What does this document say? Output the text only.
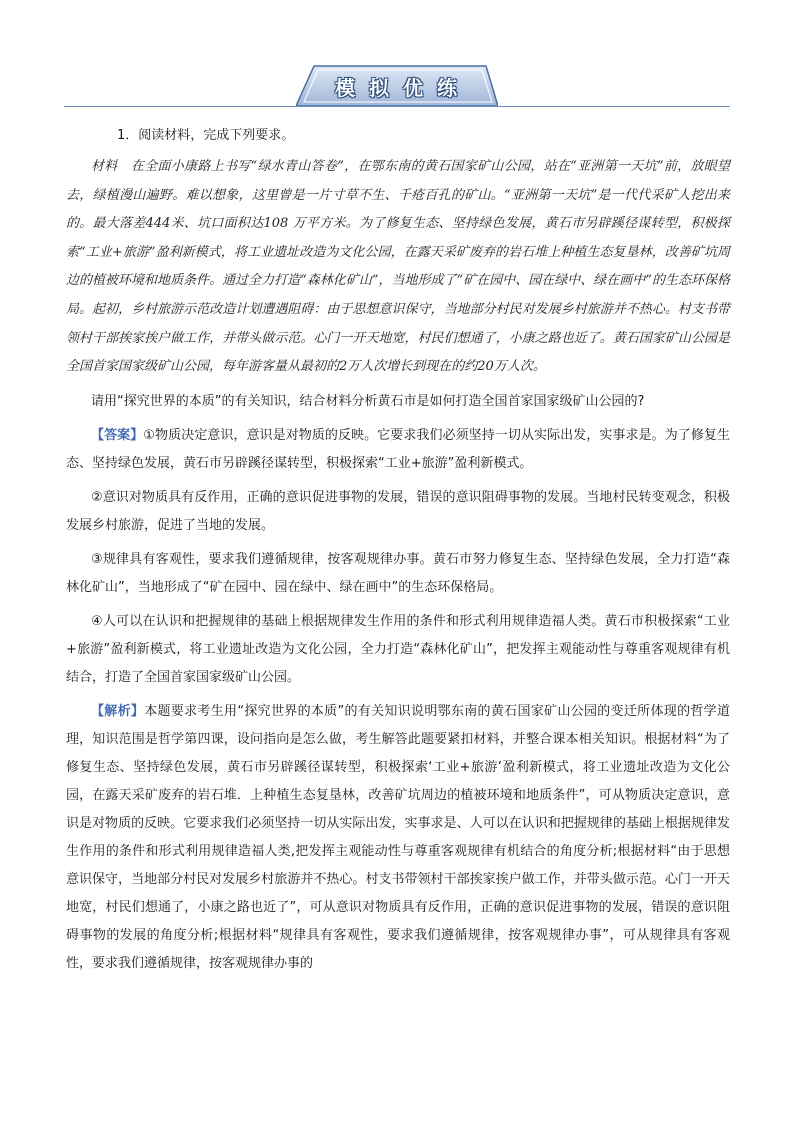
模拟优练

1．阅读材料，完成下列要求。

材料　在全面小康路上书写“绿水青山答卷”，在鄂东南的黄石国家矿山公园，站在“亚洲第一天坑”前，放眼望去，绿植漫山遍野。难以想象，这里曾是一片寸草不生、千疮百孔的矿山。“亚洲第一天坑”是一代代采矿人挖出来的。最大落差444米、坑口面积达108 万平方米。为了修复生态、坚持绿色发展，黄石市另辟蹊径谋转型，积极探索“工业+旅游”盈利新模式，将工业遗址改造为文化公园，在露天采矿废弃的岩石堆上种植生态复垦林，改善矿坑周边的植被环境和地质条件。通过全力打造“森林化矿山”，当地形成了“矿在园中、园在绿中、绿在画中”的生态环保格局。起初，乡村旅游示范改造计划遭遇阻碍：由于思想意识保守，当地部分村民对发展乡村旅游并不热心。村支书带领村干部挨家挨户做工作，并带头做示范。心门一开天地宽，村民们想通了，小康之路也近了。黄石国家矿山公园是全国首家国家级矿山公园，每年游客量从最初的2万人次增长到现在的约20万人次。

请用“探究世界的本质”的有关知识，结合材料分析黄石市是如何打造全国首家国家级矿山公园的?

【答案】①物质决定意识，意识是对物质的反映。它要求我们必须坚持一切从实际出发，实事求是。为了修复生态、坚持绿色发展，黄石市另辟蹊径谋转型，积极探索“工业+旅游”盈利新模式。

②意识对物质具有反作用，正确的意识促进事物的发展，错误的意识阻碍事物的发展。当地村民转变观念，积极发展乡村旅游，促进了当地的发展。

③规律具有客观性，要求我们遵循规律，按客观规律办事。黄石市努力修复生态、坚持绿色发展，全力打造“森林化矿山”，当地形成了“矿在园中、园在绿中、绿在画中”的生态环保格局。

④人可以在认识和把握规律的基础上根据规律发生作用的条件和形式利用规律造福人类。黄石市积极探索“工业+旅游”盈利新模式，将工业遗址改造为文化公园，全力打造“森林化矿山”，把发挥主观能动性与尊重客观规律有机结合，打造了全国首家国家级矿山公园。

【解析】本题要求考生用“探究世界的本质”的有关知识说明鄂东南的黄石国家矿山公园的变迁所体现的哲学道理，知识范围是哲学第四课，设问指向是怎么做，考生解答此题要紧扣材料，并整合课本相关知识。根据材料“为了修复生态、坚持绿色发展，黄石市另辟蹊径谋转型，积极探索‘工业+旅游’盈利新模式，将工业遗址改造为文化公园，在露天采矿废弃的岩石堆．上种植生态复垦林，改善矿坑周边的植被环境和地质条件”，可从物质决定意识，意识是对物质的反映。它要求我们必须坚持一切从实际出发，实事求是、人可以在认识和把握规律的基础上根据规律发生作用的条件和形式利用规律造福人类,把发挥主观能动性与尊重客观规律有机结合的角度分析;根据材料“由于思想意识保守，当地部分村民对发展乡村旅游并不热心。村支书带领村干部挨家挨户做工作，并带头做示范。心门一开天地宽，村民们想通了，小康之路也近了”，可从意识对物质具有反作用，正确的意识促进事物的发展，错误的意识阻碍事物的发展的角度分析;根据材料“规律具有客观性，要求我们遵循规律，按客观规律办事”，可从规律具有客观性，要求我们遵循规律，按客观规律办事的
